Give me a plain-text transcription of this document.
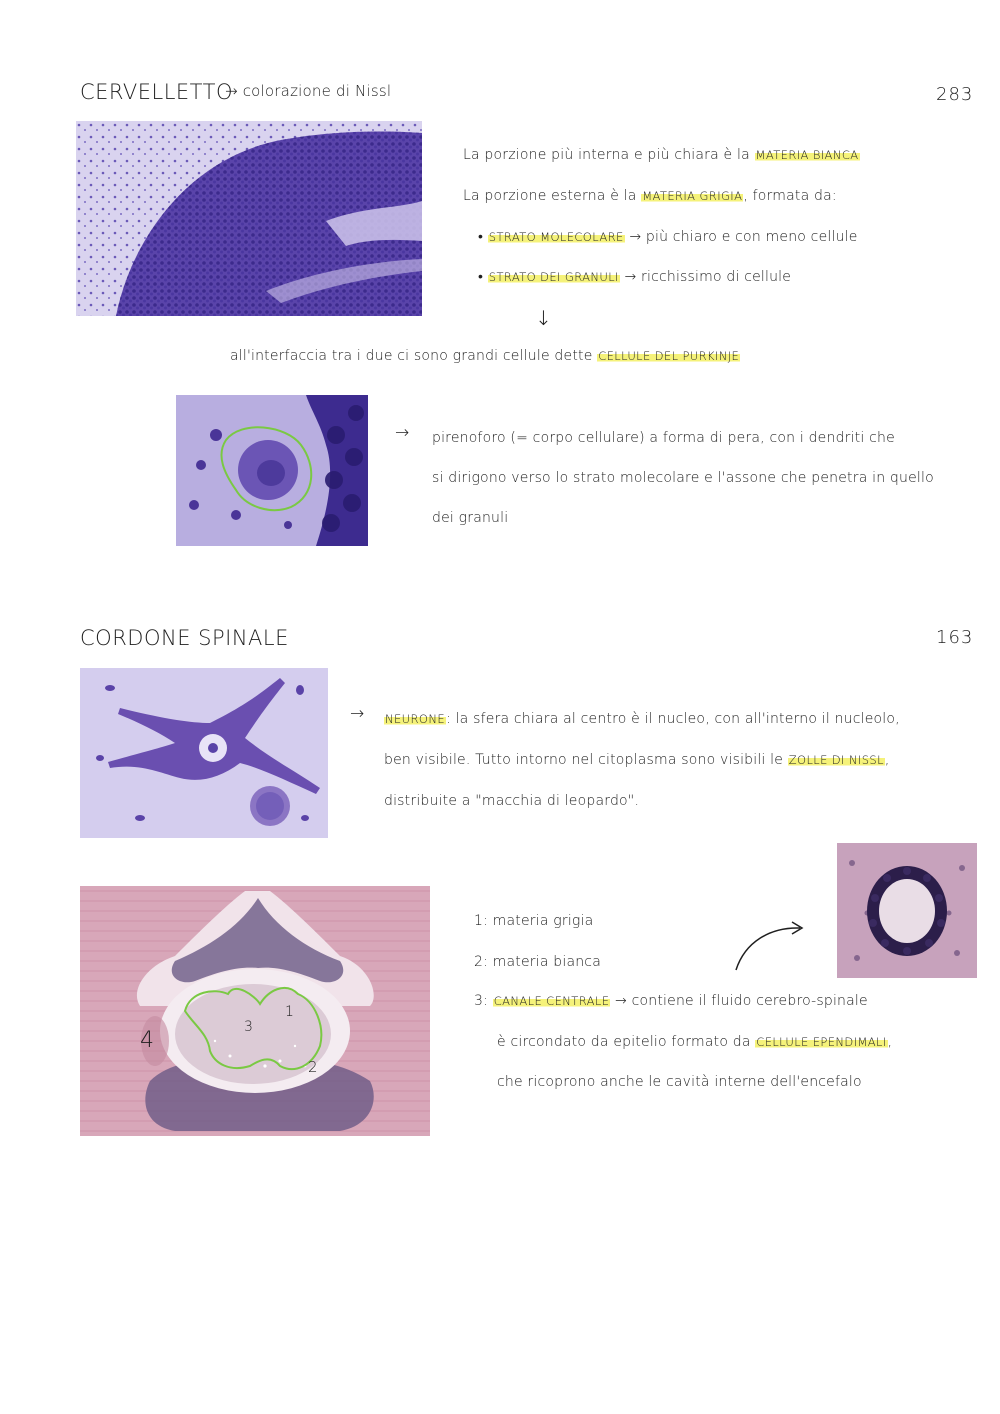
CERVELLETTO
→ colorazione di Nissl	283
La porzione più interna e più chiara è la MATERIA BIANCA
La porzione esterna è la MATERIA GRIGIA, formata da:
• STRATO MOLECOLARE → più chiaro e con meno cellule
• STRATO DEI GRANULI → ricchissimo di cellule
↓
all'interfaccia tra i due ci sono grandi cellule dette CELLULE DEL PURKINJE
→ pirenoforo (= corpo cellulare) a forma di pera, con i dendriti che
si dirigono verso lo strato molecolare e l'assone che penetra in quello
dei granuli
CORDONE SPINALE	163
→ NEURONE: la sfera chiara al centro è il nucleo, con all'interno il nucleolo,
ben visibile. Tutto intorno nel citoplasma sono visibili le ZOLLE DI NISSL,
distribuite a "macchia di leopardo".
1
2
3
4
1: materia grigia
2: materia bianca
3: CANALE CENTRALE → contiene il fluido cerebro-spinale
è circondato da epitelio formato da CELLULE EPENDIMALI,
che ricoprono anche le cavità interne dell'encefalo
